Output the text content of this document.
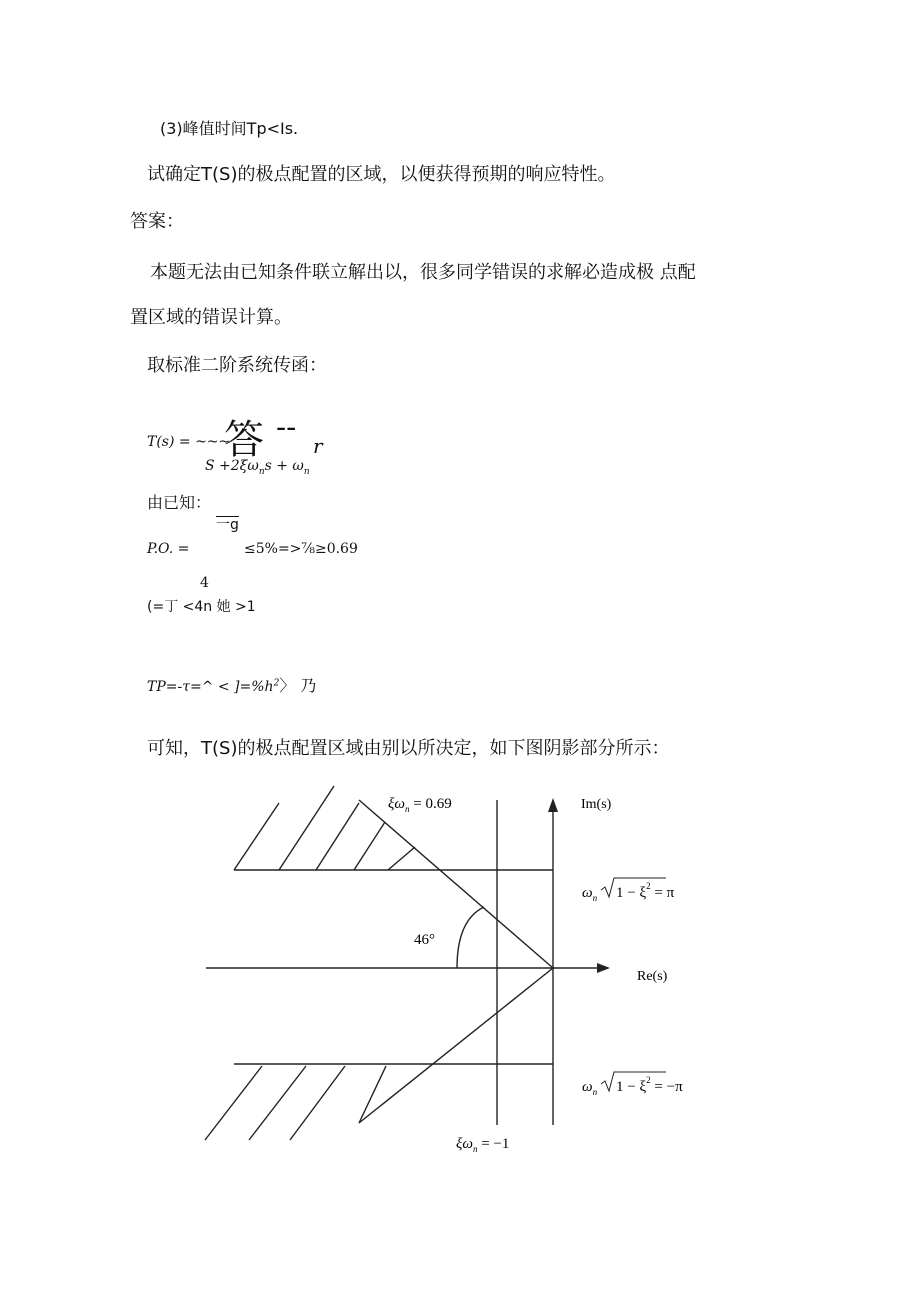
(3)峰值时间Tp<Is.
试确定T(S)的极点配置的区域，以便获得预期的响应特性。
答案：
本题无法由已知条件联立解出以，很多同学错误的求解必造成极 点配
置区域的错误计算。
取标准二阶系统传函：
T(s) = ~~~
答 --
r
$S +2\xi\omega_ns + \omega_n$
由已知：
一g
P.O. =	≤5%=>⅞≥0.69
4
(=丁 <4n 她 >1
TP=-τ=^ < ]$=\%h^2$〉 乃
可知，T(S)的极点配置区域由别以所决定，如下图阴影部分所示：
$\xi\omega_n = 0.69$	Im(s)
Re(s)
46°
$\omega_n$ $1 - \xi^2 = \pi$
$\omega_n$ $1 - \xi^2 = -\pi$
$\xi\omega_n = -1$
